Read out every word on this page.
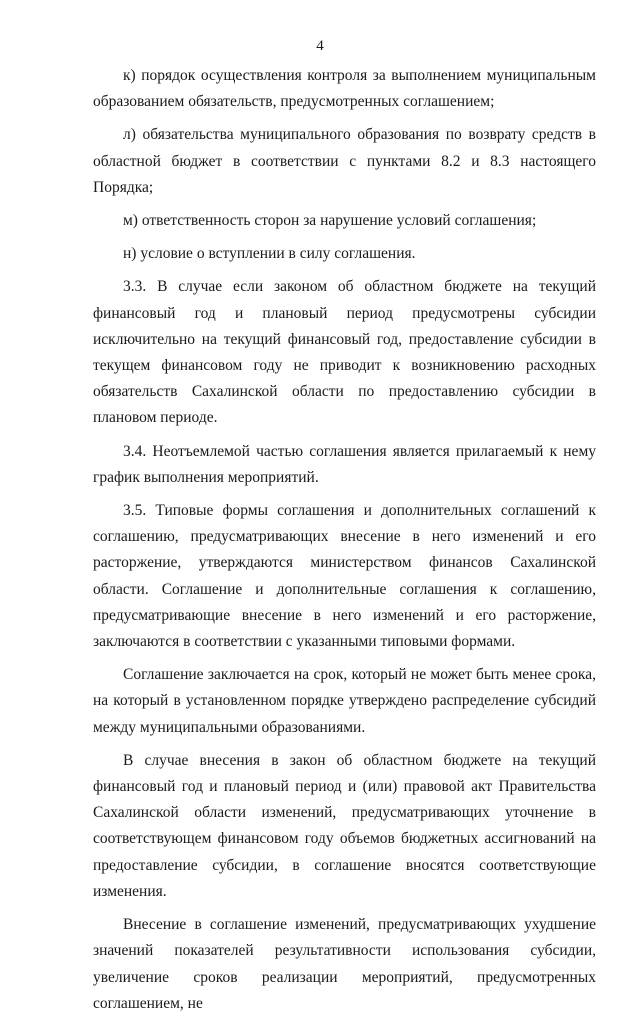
4

к) порядок осуществления контроля за выполнением муниципальным образованием обязательств, предусмотренных соглашением;

л) обязательства муниципального образования по возврату средств в областной бюджет в соответствии с пунктами 8.2 и 8.3 настоящего Порядка;

м) ответственность сторон за нарушение условий соглашения;

н) условие о вступлении в силу соглашения.

3.3. В случае если законом об областном бюджете на текущий финансовый год и плановый период предусмотрены субсидии исключительно на текущий финансовый год, предоставление субсидии в текущем финансовом году не приводит к возникновению расходных обязательств Сахалинской области по предоставлению субсидии в плановом периоде.

3.4. Неотъемлемой частью соглашения является прилагаемый к нему график выполнения мероприятий.

3.5. Типовые формы соглашения и дополнительных соглашений к соглашению, предусматривающих внесение в него изменений и его расторжение, утверждаются министерством финансов Сахалинской области. Соглашение и дополнительные соглашения к соглашению, предусматривающие внесение в него изменений и его расторжение, заключаются в соответствии с указанными типовыми формами.

Соглашение заключается на срок, который не может быть менее срока, на который в установленном порядке утверждено распределение субсидий между муниципальными образованиями.

В случае внесения в закон об областном бюджете на текущий финансовый год и плановый период и (или) правовой акт Правительства Сахалинской области изменений, предусматривающих уточнение в соответствующем финансовом году объемов бюджетных ассигнований на предоставление субсидии, в соглашение вносятся соответствующие изменения.

Внесение в соглашение изменений, предусматривающих ухудшение значений показателей результативности использования субсидии, увеличение сроков реализации мероприятий, предусмотренных соглашением, не
